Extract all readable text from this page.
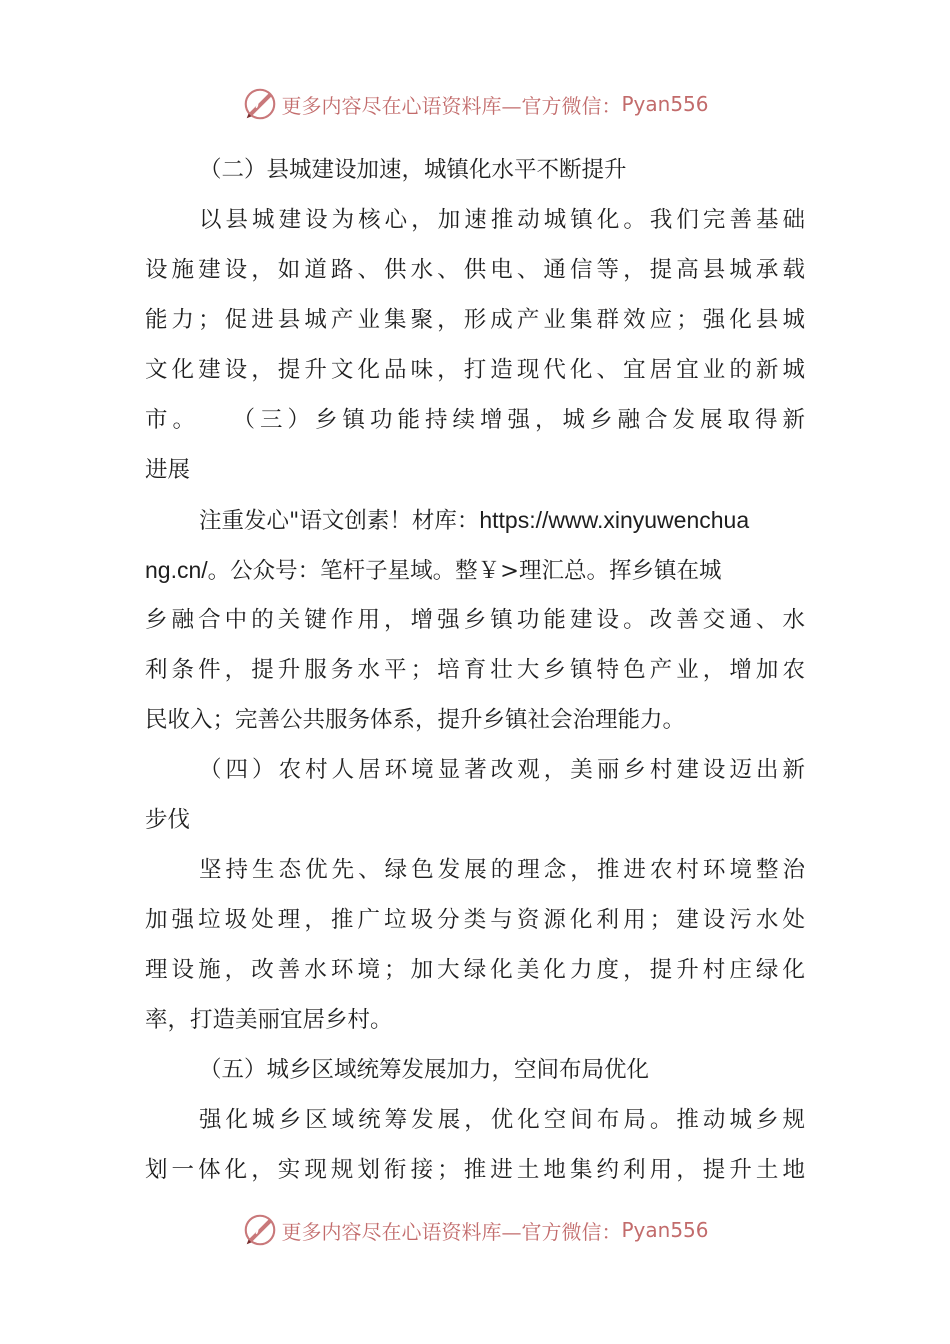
更多内容尽在心语资料库—官方微信： Pyan556
（二）县城建设加速，城镇化水平不断提升
以县城建设为核心，加速推动城镇化。我们完善基础
设施建设，如道路、供水、供电、通信等，提高县城承载
能力；促进县城产业集聚，形成产业集群效应；强化县城
文化建设，提升文化品味，打造现代化、宜居宜业的新城
市。　　（三）乡镇功能持续增强，城乡融合发展取得新
进展
注重发心"语文创素！材库：https://www.xinyuwenchua
ng.cn/。公众号：笔杆子星域。整￥>理汇总。挥乡镇在城
乡融合中的关键作用，增强乡镇功能建设。改善交通、水
利条件，提升服务水平；培育壮大乡镇特色产业，增加农
民收入；完善公共服务体系，提升乡镇社会治理能力。
（四）农村人居环境显著改观，美丽乡村建设迈出新
步伐
坚持生态优先、绿色发展的理念，推进农村环境整治
加强垃圾处理，推广垃圾分类与资源化利用；建设污水处
理设施，改善水环境；加大绿化美化力度，提升村庄绿化
率，打造美丽宜居乡村。
（五）城乡区域统筹发展加力，空间布局优化
强化城乡区域统筹发展，优化空间布局。推动城乡规
划一体化，实现规划衔接；推进土地集约利用，提升土地
更多内容尽在心语资料库—官方微信： Pyan556
